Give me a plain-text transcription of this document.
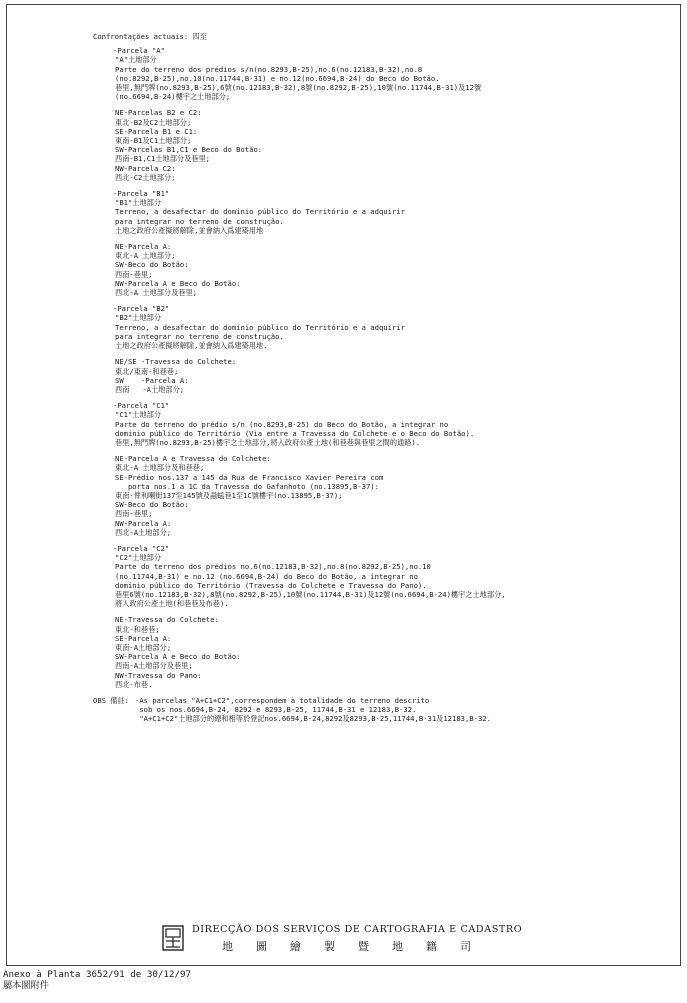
Confrontações actuais: 四至
-Parcela "A"
"A"土地部分
Parte do terreno dos prédios s/n(no.8293,B-25),no.6(no.12183,B-32),no.8
(no.8292,B-25),no.10(no.11744,B-31) e no.12(no.6694,B-24) do Beco do Botão.
巷里,無門牌(no.8293,B-25),6號(no.12183,B-32),8號(no.8292,B-25),10號(no.11744,B-31)及12號
(no.6694,B-24)樓宇之土地部分;
NE-Parcelas B2 e C2:
東北-B2及C2土地部分;
SE-Parcela B1 e C1:
東南-B1及C1土地部分;
SW-Parcelas B1,C1 e Beco do Botão:
西南-B1,C1土地部分及巷里;
NW-Parcela C2:
西北-C2土地部分;
-Parcela "B1"
"B1"土地部分
Terreno, a desafectar do domínio público do Território e a adquirir
para integrar no terreno de construção.
土地之政府公產擬將解除,並會納入爲建築用地
NE-Parcela A:
東北-A 土地部分;
SW-Beco do Botão:
西南-巷里;
NW-Parcela A e Beco do Botão:
西北-A 土地部分及巷里;
-Parcela "B2"
"B2"土地部分
Terreno, a desafectar do domínio público do Território e a adquirir
para integrar no terreno de construção.
土地之政府公產擬將解除,並會納入爲建築用地.
NE/SE -Travessa do Colchete:
東北/東南-和巷巷;
SW    -Parcela A:
西南   -A土地部分;
-Parcela "C1"
"C1"土地部分
Parte do terreno do prédio s/n (no.8293,B-25) do Beco do Botão, a integrar no
domínio público do Território (Via entre a Travessa do Colchete e o Beco do Botão).
巷里,無門牌(no.8293,B-25)樓宇之土地部分,將入政府公產土地(和巷巷與巷里之間的通路).
NE-Parcela A e Travessa do Colchete:
東北-A 土地部分及和巷巷;
SE-Prédio nos.137 a 145 da Rua de Francisco Xavier Pereira com
porta nos.1 a 1C da Travessa do Gafanhoto (no.13895,B-37):
東南-俾利喇街137至145號及蝨蜢巷1至1C號樓宇(no.13895,B-37);
SW-Beco do Botão:
西南-巷里;
NW-Parcela A:
西北-A土地部分;
-Parcela "C2"
"C2"土地部分
Parte do terreno dos prédios no.6(no.12183,B-32),no.8(no.8292,B-25),no.10
(no.11744,B-31) e no.12 (no.6694,B-24) do Beco do Botão, a integrar no
domínio público do Território (Travessa do Colchete e Travessa do Pano).
巷里6號(no.12183,B-32),8號(no.8292,B-25),10號(no.11744,B-31)及12號(no.6694,B-24)樓宇之土地部分,
將入政府公產土地(和巷巷及布巷).
NE-Travessa do Colchete:
東北-和巷巷;
SE-Parcela A:
東南-A土地部分;
SW-Parcela A e Beco do Botão:
西南-A土地部分及巷里;
NW-Travessa do Pano:
西北-布巷.
OBS 備註: -As parcelas "A+C1+C2",correspondem à totalidade do terreno descrito
sob os nos.6694,B-24, 8292 e 8293,B-25, 11744,B-31 e 12183,B-32.
"A+C1+C2"土地部分的總和相等於登記nos.6694,B-24,8292及8293,B-25,11744,B-31及12183,B-32.
DIRECÇÃO DOS SERVIÇOS DE CARTOGRAFIA E CADASTRO
地圖繪製暨地籍司
Anexo à Planta 3652/91 de 30/12/97
屬本圖附件
